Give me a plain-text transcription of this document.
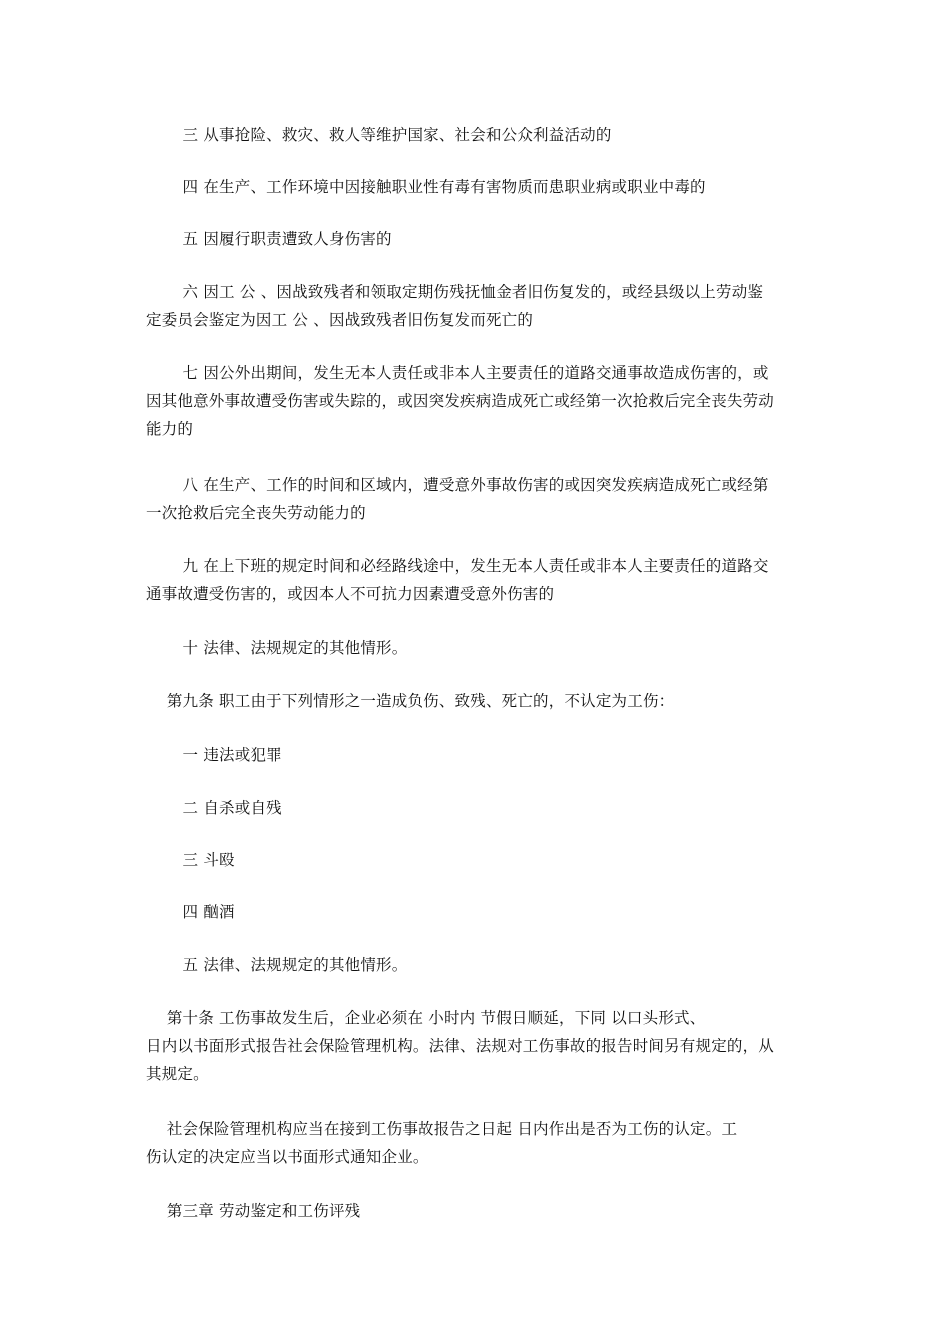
　　 三 从事抢险、救灾、救人等维护国家、社会和公众利益活动的

　　 四 在生产、工作环境中因接触职业性有毒有害物质而患职业病或职业中毒的

　　 五 因履行职责遭致人身伤害的

　　 六 因工 公 、因战致残者和领取定期伤残抚恤金者旧伤复发的，或经县级以上劳动鉴
定委员会鉴定为因工 公 、因战致残者旧伤复发而死亡的

　　 七 因公外出期间，发生无本人责任或非本人主要责任的道路交通事故造成伤害的，或
因其他意外事故遭受伤害或失踪的，或因突发疾病造成死亡或经第一次抢救后完全丧失劳动
能力的

　　 八 在生产、工作的时间和区域内，遭受意外事故伤害的或因突发疾病造成死亡或经第
一次抢救后完全丧失劳动能力的

　　 九 在上下班的规定时间和必经路线途中，发生无本人责任或非本人主要责任的道路交
通事故遭受伤害的，或因本人不可抗力因素遭受意外伤害的

　　 十 法律、法规规定的其他情形。

　 第九条 职工由于下列情形之一造成负伤、致残、死亡的，不认定为工伤：

　　 一 违法或犯罪

　　 二 自杀或自残

　　 三 斗殴

　　 四 酗酒

　　 五 法律、法规规定的其他情形。

　 第十条 工伤事故发生后，企业必须在 小时内 节假日顺延，下同 以口头形式、
日内以书面形式报告社会保险管理机构。法律、法规对工伤事故的报告时间另有规定的，从
其规定。

　 社会保险管理机构应当在接到工伤事故报告之日起 日内作出是否为工伤的认定。工
伤认定的决定应当以书面形式通知企业。

　 第三章 劳动鉴定和工伤评残
